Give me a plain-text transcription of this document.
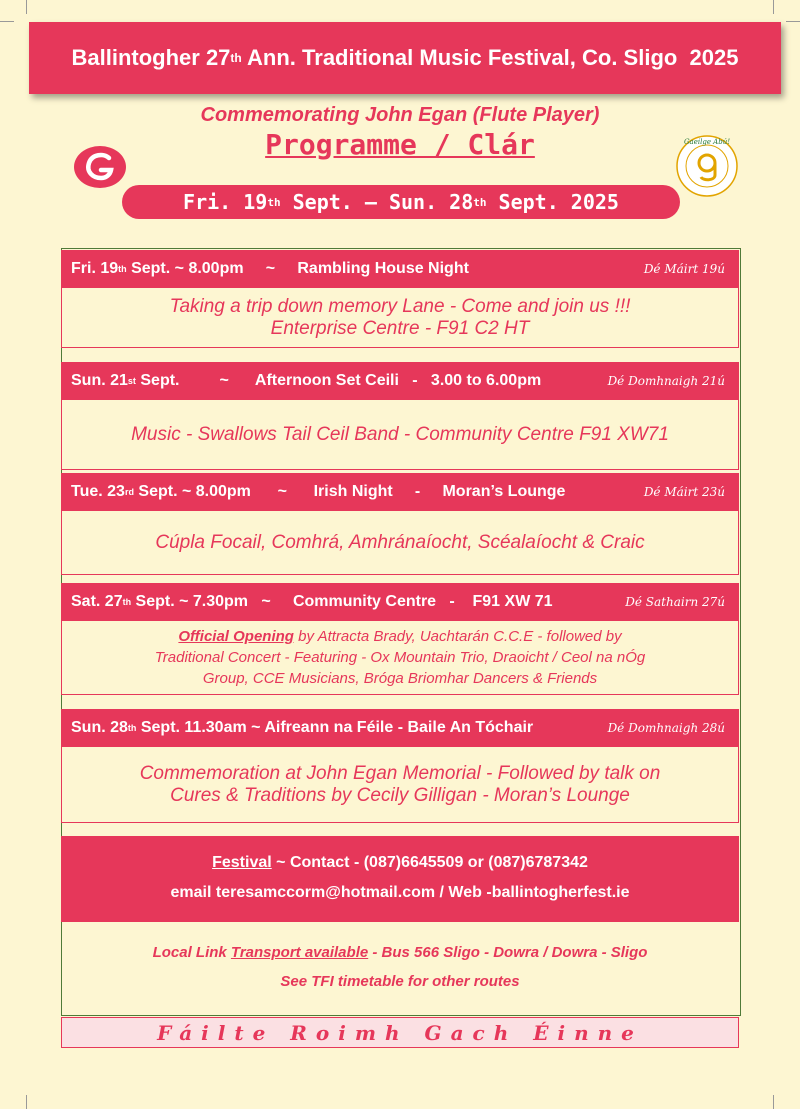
Ballintogher 27 th Ann. Traditional Music Festival, Co. Sligo  2025
Commemorating John Egan (Flute Player)
Programme / Clár	Gaeilge Abú!
Fri. 19 th Sept. – Sun. 28 th Sept. 2025
Fri. 19 th Sept. ~ 8.00pm     ~     Rambling House Night	Dé Máirt 19ú
Taking a trip down memory Lane - Come and join us !!!
Enterprise Centre - F91 C2 HT
Sun. 21 st Sept.         ~      Afternoon Set Ceili   -   3.00 to 6.00pm	Dé Domhnaigh 21ú
Music - Swallows Tail Ceil Band - Community Centre F91 XW71
Tue. 23 rd Sept. ~ 8.00pm      ~      Irish Night     -     Moran’s Lounge	Dé Máirt 23ú
Cúpla Focail, Comhrá, Amhránaíocht, Scéalaíocht & Craic
Sat. 27 th Sept. ~ 7.30pm   ~     Community Centre   -    F91 XW 71	Dé Sathairn 27ú
Official Opening by Attracta Brady, Uachtarán C.C.E - followed by
Traditional Concert - Featuring - Ox Mountain Trio, Draoicht / Ceol na nÓg
Group, CCE Musicians, Bróga Briomhar Dancers & Friends
Sun. 28 th Sept. 11.30am ~ Aifreann na Féile - Baile An Tóchair	Dé Domhnaigh 28ú
Commemoration at John Egan Memorial - Followed by talk on
Cures & Traditions by Cecily Gilligan - Moran’s Lounge
Festival ~ Contact - (087)6645509 or (087)6787342
email teresamccorm@hotmail.com / Web -ballintogherfest.ie
Local Link Transport available - Bus 566 Sligo - Dowra / Dowra - Sligo
See TFI timetable for other routes
Fáilte Roimh Gach Éinne
